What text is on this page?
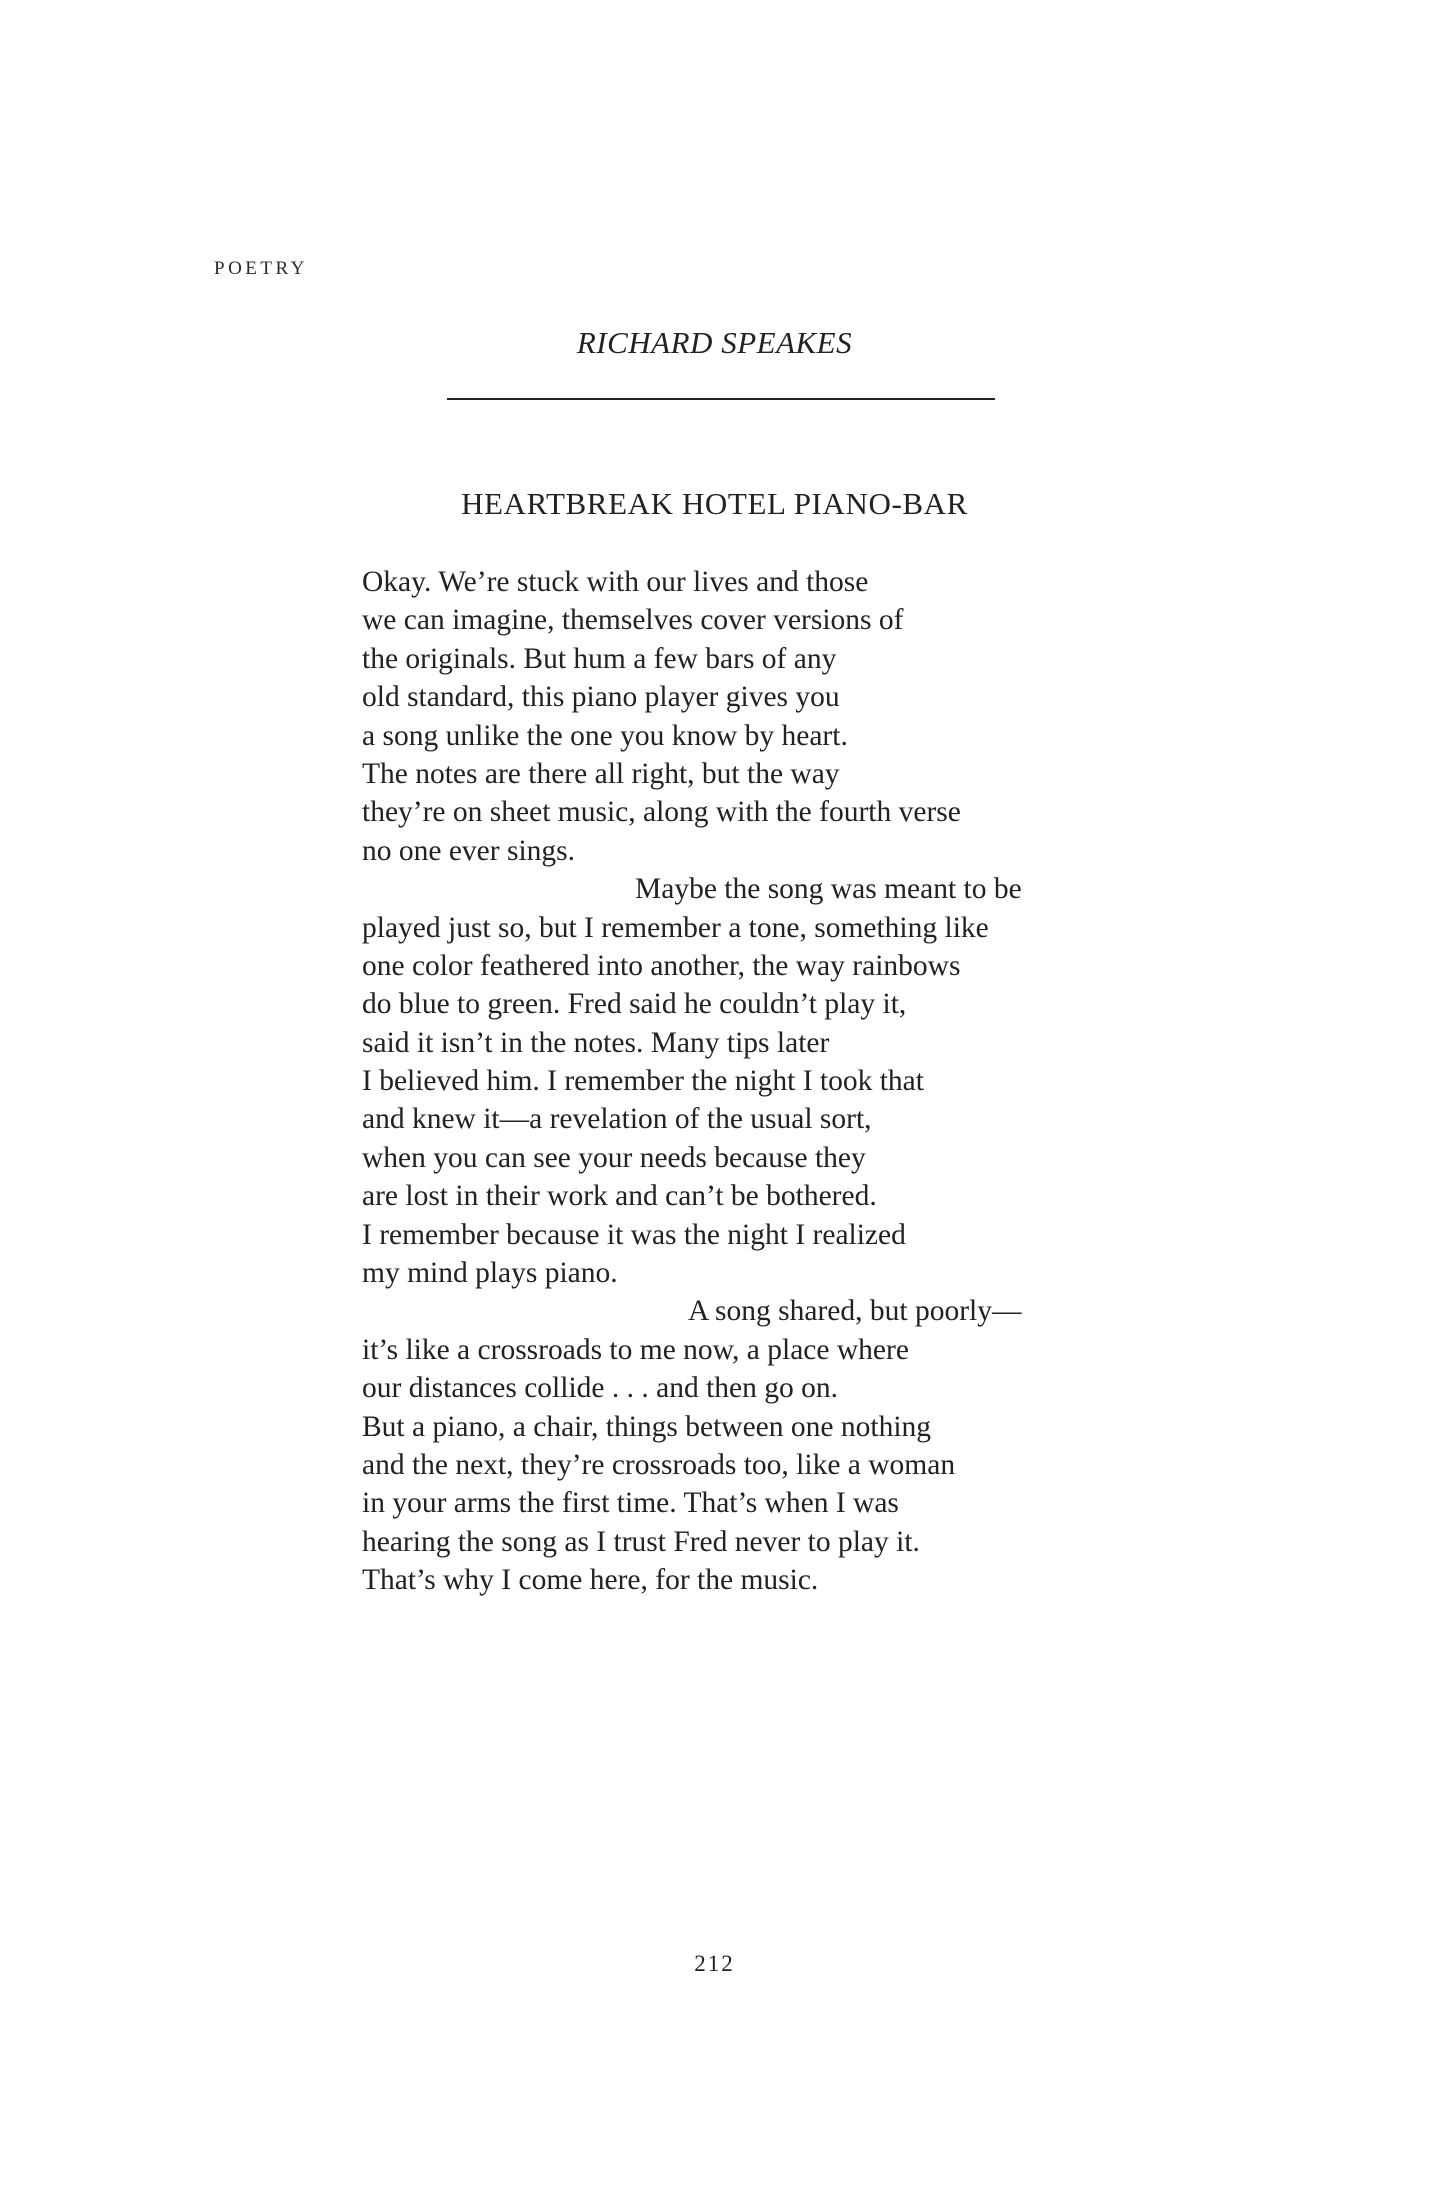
POETRY
RICHARD SPEAKES
HEARTBREAK HOTEL PIANO-BAR
Okay. We’re stuck with our lives and those
we can imagine, themselves cover versions of
the originals. But hum a few bars of any
old standard, this piano player gives you
a song unlike the one you know by heart.
The notes are there all right, but the way
they’re on sheet music, along with the fourth verse
no one ever sings.
Maybe the song was meant to be
played just so, but I remember a tone, something like
one color feathered into another, the way rainbows
do blue to green. Fred said he couldn’t play it,
said it isn’t in the notes. Many tips later
I believed him. I remember the night I took that
and knew it—a revelation of the usual sort,
when you can see your needs because they
are lost in their work and can’t be bothered.
I remember because it was the night I realized
my mind plays piano.
A song shared, but poorly—
it’s like a crossroads to me now, a place where
our distances collide . . . and then go on.
But a piano, a chair, things between one nothing
and the next, they’re crossroads too, like a woman
in your arms the first time. That’s when I was
hearing the song as I trust Fred never to play it.
That’s why I come here, for the music.
212
